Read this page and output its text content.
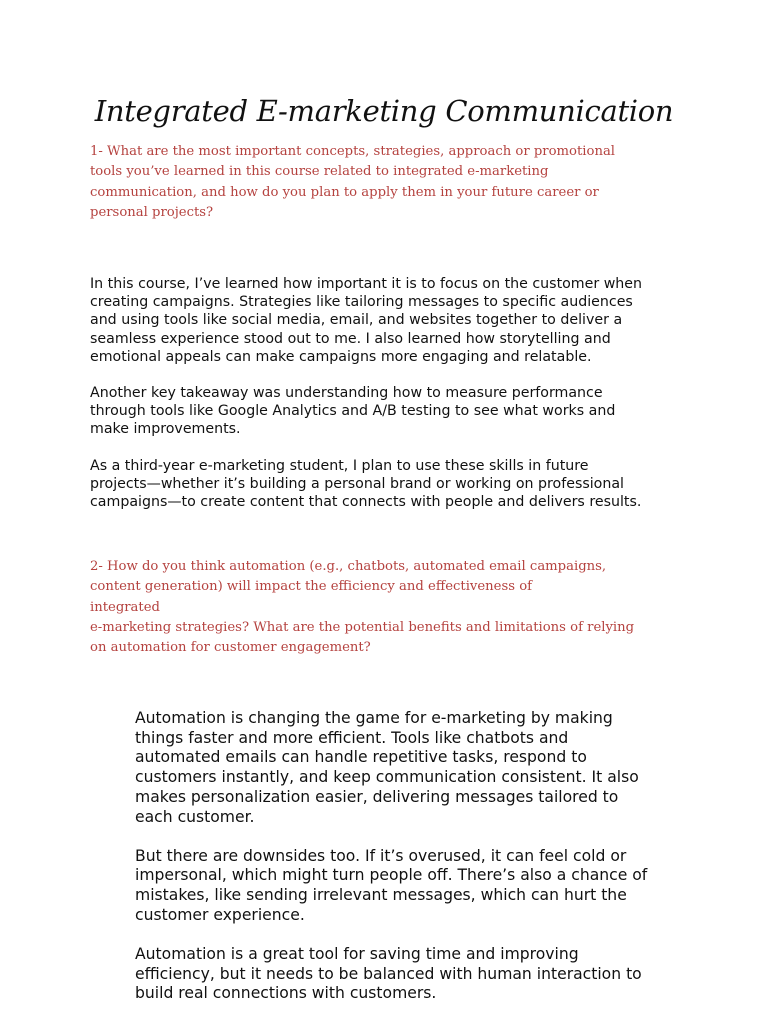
Integrated E-marketing Communication
1- What are the most important concepts, strategies, approach or promotional
tools you’ve learned in this course related to integrated e-marketing
communication, and how do you plan to apply them in your future career or
personal projects?

In this course, I’ve learned how important it is to focus on the customer when
creating campaigns. Strategies like tailoring messages to specific audiences
and using tools like social media, email, and websites together to deliver a
seamless experience stood out to me. I also learned how storytelling and
emotional appeals can make campaigns more engaging and relatable.

Another key takeaway was understanding how to measure performance
through tools like Google Analytics and A/B testing to see what works and
make improvements.

As a third-year e-marketing student, I plan to use these skills in future
projects—whether it’s building a personal brand or working on professional
campaigns—to create content that connects with people and delivers results.

2- How do you think automation (e.g., chatbots, automated email campaigns,
content generation) will impact the efficiency and effectiveness of
integrated
e-marketing strategies? What are the potential benefits and limitations of relying
on automation for customer engagement?

Automation is changing the game for e-marketing by making
things faster and more efficient. Tools like chatbots and
automated emails can handle repetitive tasks, respond to
customers instantly, and keep communication consistent. It also
makes personalization easier, delivering messages tailored to
each customer.

But there are downsides too. If it’s overused, it can feel cold or
impersonal, which might turn people off. There’s also a chance of
mistakes, like sending irrelevant messages, which can hurt the
customer experience.

Automation is a great tool for saving time and improving
efficiency, but it needs to be balanced with human interaction to
build real connections with customers.
